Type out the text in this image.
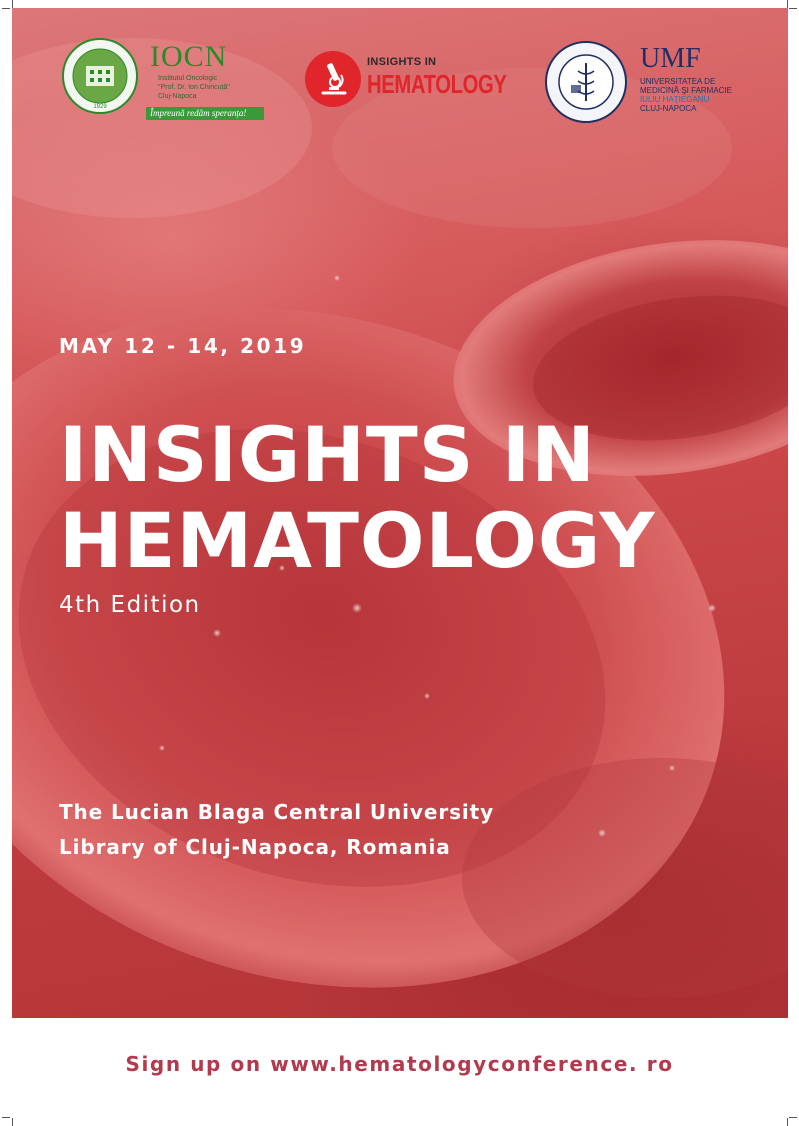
1929
IOCN
Institutul Oncologic
"Prof. Dr. Ion Chiricuță"
Cluj-Napoca
Împreună redăm speranța!
INSIGHTS IN
HEMATOLOGY
UMF
UNIVERSITATEA DE
MEDICINĂ ŞI FARMACIE
IULIU HAŢIEGANU
CLUJ-NAPOCA
MAY 12 - 14, 2019
INSIGHTS IN
HEMATOLOGY
4th Edition
The Lucian Blaga Central University
Library of Cluj-Napoca, Romania
Sign up on www.hematologyconference. ro
